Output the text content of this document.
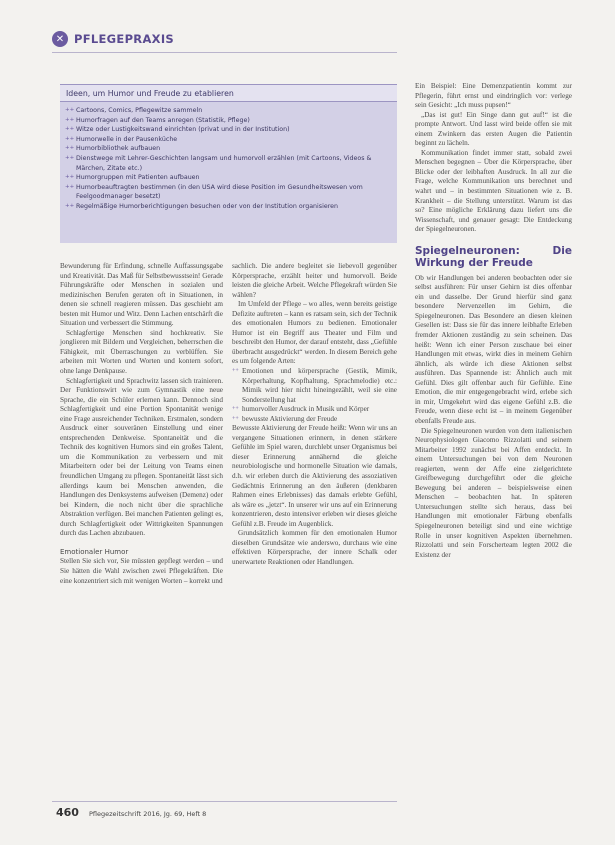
✕ PFLEGEPRAXIS
Ideen, um Humor und Freude zu etablieren
++ Cartoons, Comics, Pflegewitze sammeln
++ Humorfragen auf den Teams anregen (Statistik, Pflege)
++ Witze oder Lustigkeitswand einrichten (privat und in der Institution)
++ Humorwelle in der Pausenküche
++ Humorbibliothek aufbauen
++ Dienstwege mit Lehrer-Geschichten langsam und humorvoll erzählen (mit Cartoons, Videos & Märchen, Zitate etc.)
++ Humorgruppen mit Patienten aufbauen
++ Humorbeauftragten bestimmen (in den USA wird diese Position im Gesundheitswesen vom Feelgoodmanager besetzt)
++ Regelmäßige Humorberichtigungen besuchen oder von der Institution organisieren

Bewunderung für Erfindung, schnelle Auffassungsgabe und Kreativität. Das Maß für Selbstbewusstsein! Gerade Führungskräfte oder Menschen in sozialen und medizinischen Berufen geraten oft in Situationen, in denen sie schnell reagieren müssen. Das geschieht am besten mit Humor und Witz. Denn Lachen entschärft die Situation und verbessert die Stimmung.

Schlagfertige Menschen sind hochkreativ. Sie jonglieren mit Bildern und Vergleichen, beherrschen die Fähigkeit, mit Überraschungen zu verblüffen. Sie arbeiten mit Worten und Worten und kontern sofort, ohne lange Denkpause.

Schlagfertigkeit und Sprachwitz lassen sich trainieren. Der Funktionswirt wie zum Gymnastik eine neue Sprache, die ein Schüler erlernen kann. Dennoch sind Schlagfertigkeit und eine Portion Spontanität wenige eine Frage ausreichender Techniken. Erstmalen, sondern Ausdruck einer souveränen Einstellung und einer entsprechenden Denkweise. Spontaneität und die Technik des kognitiven Humors sind ein großes Talent, um die Kommunikation zu verbessern und mit Mitarbeitern oder bei der Leitung von Teams einen freundlichen Umgang zu pflegen. Spontaneität lässt sich allerdings kaum bei Menschen anwenden, die Handlungen des Denksystems aufweisen (Demenz) oder bei Kindern, die noch nicht über die sprachliche Abstraktion verfügen. Bei manchen Patienten gelingt es, durch Schlagfertigkeit oder Wittrigkeiten Spannungen durch das Lachen abzubauen.

Emotionaler Humor

Stellen Sie sich vor, Sie müssten gepflegt werden – und Sie hätten die Wahl zwischen zwei Pflegekräften. Die eine konzentriert sich mit wenigen Worten – korrekt und

sachlich. Die andere begleitet sie liebevoll gegenüber Körpersprache, erzählt heiter und humorvoll. Beide leisten die gleiche Arbeit. Welche Pflegekraft würden Sie wählen?

Im Umfeld der Pflege – wo alles, wenn bereits geistige Defizite auftreten – kann es ratsam sein, sich der Technik des emotionalen Humors zu bedienen. Emotionaler Humor ist ein Begriff aus Theater und Film und beschreibt den Humor, der darauf entsteht, dass „Gefühle überbracht ausgedrückt“ werden. In diesem Bereich gehe es um folgende Arten:

++ Emotionen und körpersprache (Gestik, Mimik, Körperhaltung, Kopfhaltung, Sprachmelodie) etc.: Mimik wird hier nicht hineingezählt, weil sie eine Sonderstellung hat
++ humorvoller Ausdruck in Musik und Körper
++ bewusste Aktivierung der Freude

Bewusste Aktivierung der Freude heißt: Wenn wir uns an vergangene Situationen erinnern, in denen stärkere Gefühle im Spiel waren, durchlebt unser Organismus bei dieser Erinnerung annähernd die gleiche neurobiologische und hormonelle Situation wie damals, d.h. wir erleben durch die Aktivierung des assoziativen Gedächtnis Erinnerung an den äußeren (denkbaren Rahmen eines Erlebnisses) das damals erlebte Gefühl, als wäre es „jetzt“. In unserer wir uns auf ein Erinnerung konzentrieren, desto intensiver erleben wir dieses gleiche Gefühl z.B. Freude im Augenblick.

Grundsätzlich kommen für den emotionalen Humor dieselben Grundsätze wie anderswo, durchaus wie eine effektiven Körpersprache, der innere Schalk oder unerwartete Reaktionen oder Handlungen.

Ein Beispiel: Eine Demenzpatientin kommt zur Pflegerin, führt ernst und eindringlich vor: verlege sein Gesicht: „Ich muss pupsen!“

„Das ist gut! Ein Singe dann gut auf!“ ist die prompte Antwort. Und lasst wird beide offen sie mit einem Zwinkern das ersten Augen die Patientin beginnt zu lächeln.

Kommunikation findet immer statt, sobald zwei Menschen begegnen – Über die Körpersprache, über Blicke oder der leibhaften Ausdruck. In all zur die Frage, welche Kommunikation uns berechnet und wahrt und – in bestimmten Situationen wie z. B. Krankheit – die Stellung unterstützt. Warum ist das so? Eine mögliche Erklärung dazu liefert uns die Wissenschaft, und genauer gesagt: Die Entdeckung der Spiegelneuronen.

Spiegelneuronen: Die Wirkung der Freude

Ob wir Handlungen bei anderen beobachten oder sie selbst ausführen: Für unser Gehirn ist dies offenbar ein und dasselbe. Der Grund hierfür sind ganz besondere Nervenzellen im Gehirn, die Spiegelneuronen. Das Besondere an diesen kleinen Gesellen ist: Dass sie für das innere leibhafte Erleben fremder Aktionen zuständig zu sein scheinen. Das heißt: Wenn ich einer Person zuschaue bei einer Handlungen mit etwas, wirkt dies in meinem Gehirn ähnlich, als würde ich diese Aktionen selbst ausführen. Das Spannende ist: Ähnlich auch mit Gefühl. Dies gilt offenbar auch für Gefühle. Eine Emotion, die mir entgegengebracht wird, erlebe sich in mir, Umgekehrt wird das eigene Gefühl z.B. die Freude, wenn diese echt ist – in meinem Gegenüber ebenfalls Freude aus.

Die Spiegelneuronen wurden von dem italienischen Neurophysiologen Giacomo Rizzolatti und seinem Mitarbeiter 1992 zunächst bei Affen entdeckt. In einem Untersuchungen bei von dem Neuronen reagierten, wenn der Affe eine zielgerichtete Greifbewegung durchgeführt oder die gleiche Bewegung bei anderen – beispielsweise einen Menschen – beobachten hat. In späteren Untersuchungen stellte sich heraus, dass bei Handlungen mit emotionaler Färbung ebenfalls Spiegelneuronen beteiligt sind und eine wichtige Rolle in unser kognitiven Aspekten übernehmen. Rizzolatti und sein Forscherteam legten 2002 die Existenz der

460 Pflegezeitschrift 2016, Jg. 69, Heft 8
